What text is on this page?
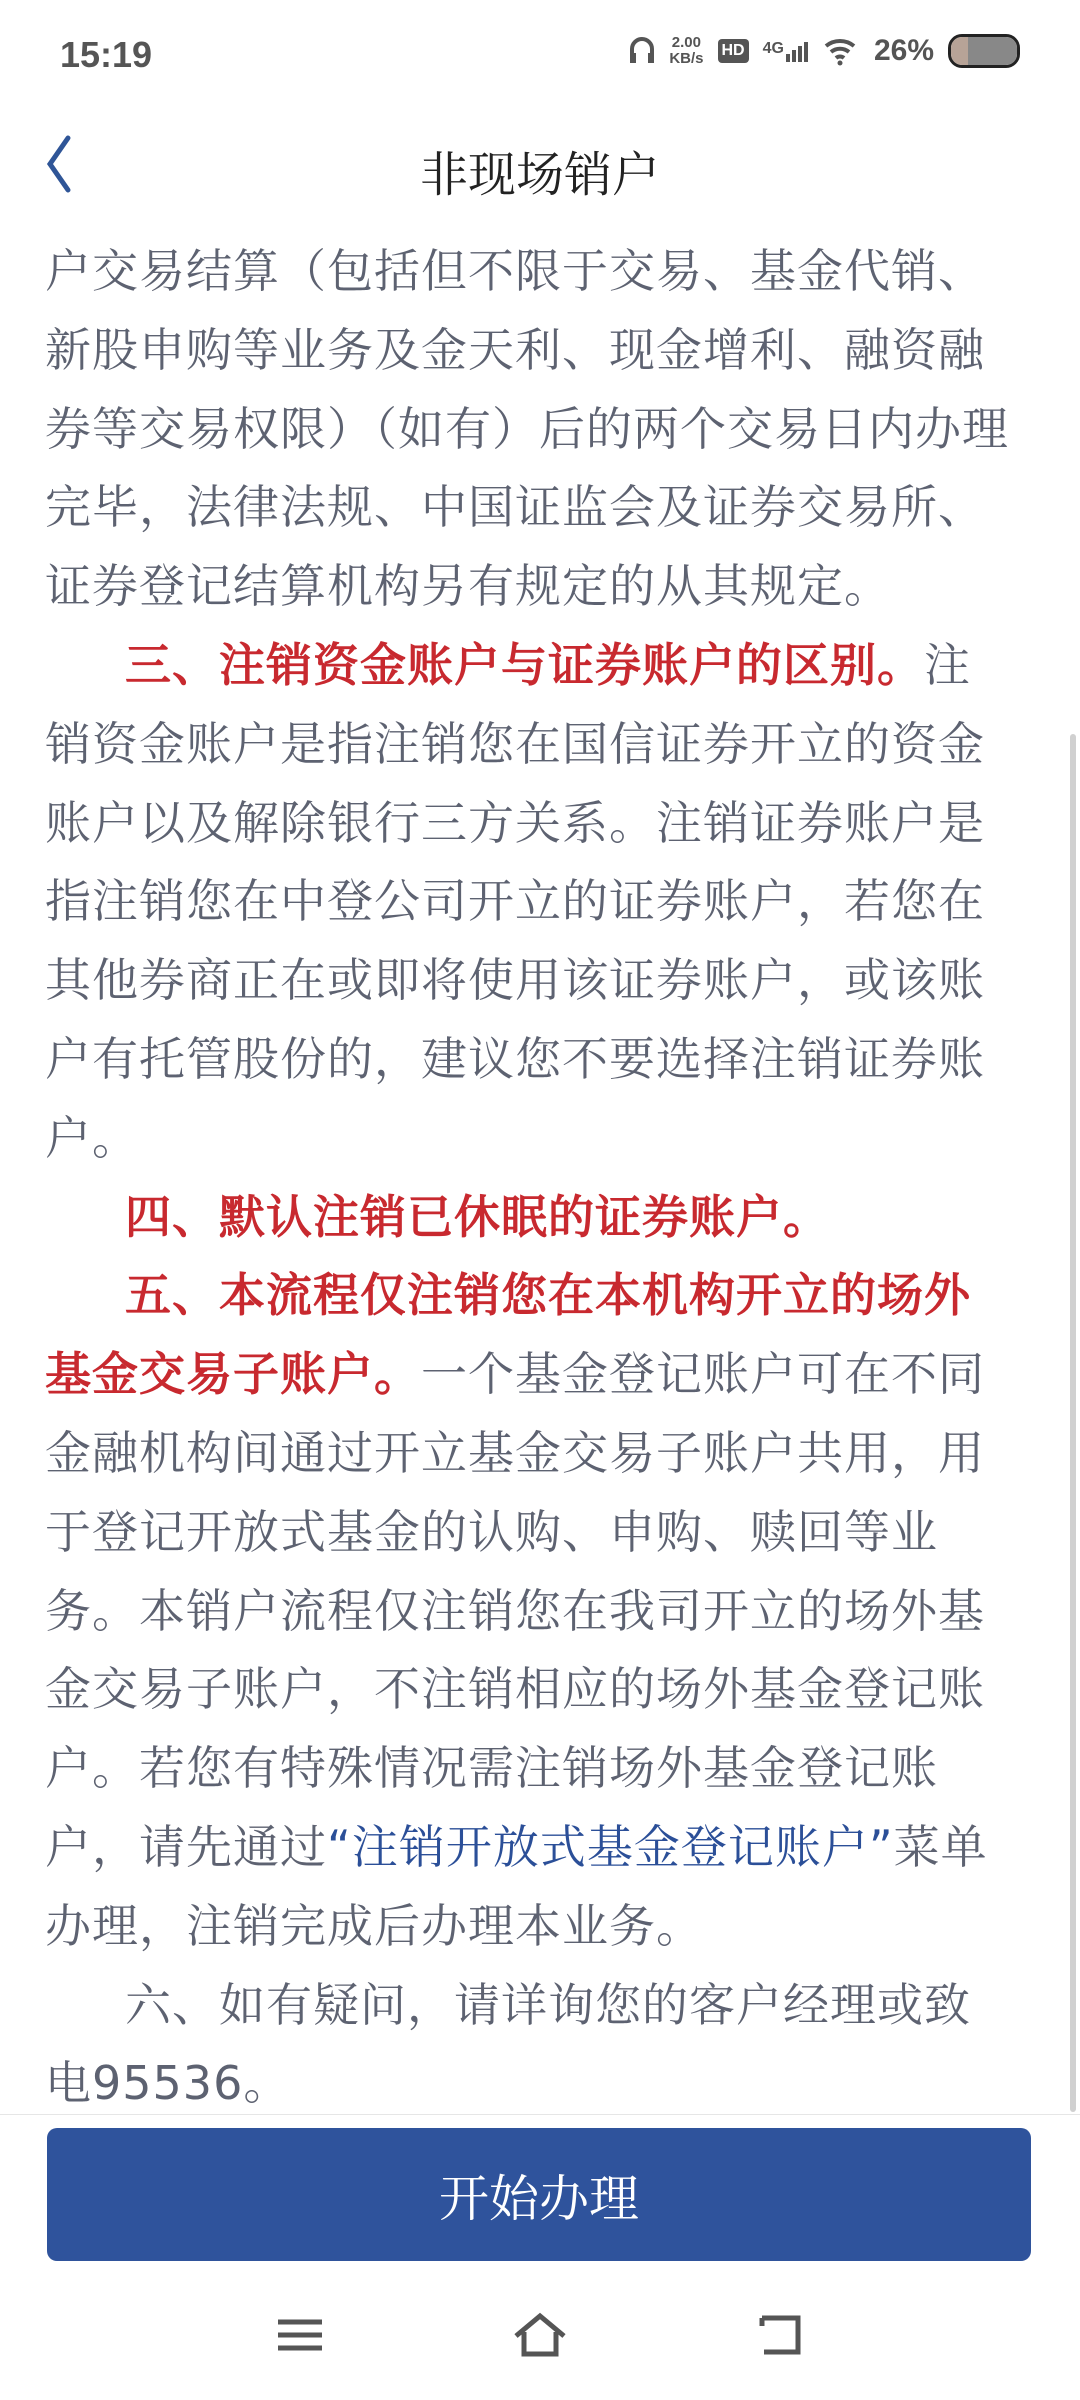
15:19	2.00
KB/s HD 4G	26%
非现场销户
户交易结算（包括但不限于交易、基金代销、
新股申购等业务及金天利、现金增利、融资融
券等交易权限）（如有）后的两个交易日内办理
完毕，法律法规、中国证监会及证券交易所、
证券登记结算机构另有规定的从其规定。
三、注销资金账户与证券账户的区别。注
销资金账户是指注销您在国信证券开立的资金
账户以及解除银行三方关系。注销证券账户是
指注销您在中登公司开立的证券账户，若您在
其他券商正在或即将使用该证券账户，或该账
户有托管股份的，建议您不要选择注销证券账
户。
四、默认注销已休眠的证券账户。
五、本流程仅注销您在本机构开立的场外
基金交易子账户。一个基金登记账户可在不同
金融机构间通过开立基金交易子账户共用，用
于登记开放式基金的认购、申购、赎回等业
务。本销户流程仅注销您在我司开立的场外基
金交易子账户，不注销相应的场外基金登记账
户。若您有特殊情况需注销场外基金登记账
户，请先通过“注销开放式基金登记账户”菜单
办理，注销完成后办理本业务。
六、如有疑问，请详询您的客户经理或致
电95536。
开始办理
